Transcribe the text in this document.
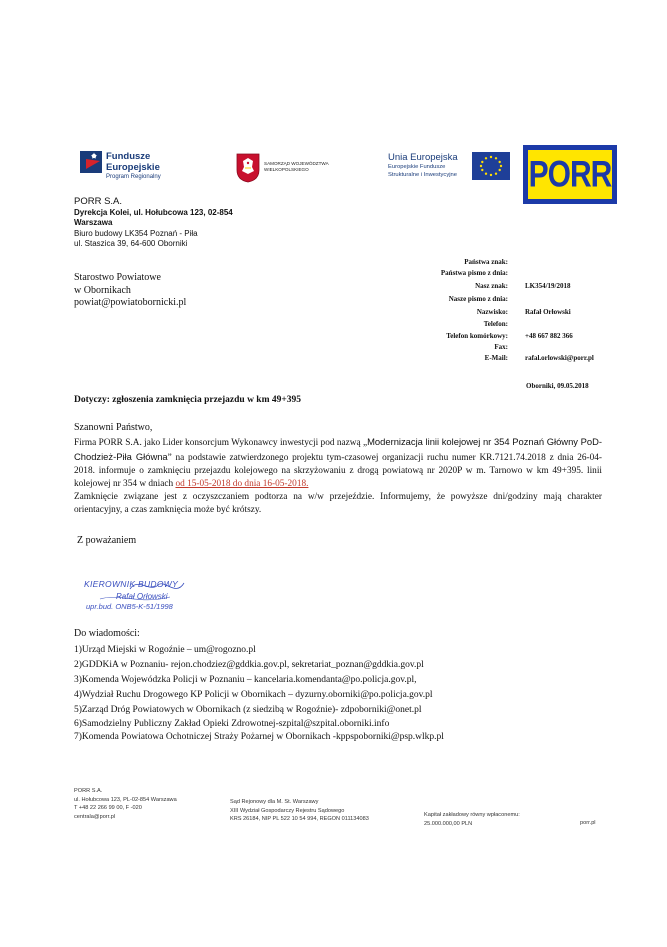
Fundusze
Europejskie
Program Regionalny
SAMORZĄD WOJEWÓDZTWA
WIELKOPOLSKIEGO
Unia Europejska
Europejskie Fundusze
Strukturalne i Inwestycyjne PORR
PORR S.A.
Dyrekcja Kolei, ul. Hołubcowa 123, 02-854
Warszawa
Biuro budowy LK354 Poznań - Piła
ul. Staszica 39, 64-600 Oborniki
Starostwo Powiatowe
w Obornikach
powiat@powiatobornicki.pl
Państwa znak:
Państwa pismo z dnia:
Nasz znak: LK354/19/2018
Nasze pismo z dnia:
Nazwisko: Rafał Orłowski
Telefon:
Telefon komórkowy: +48 667 882 366
Fax:
E-Mail: rafal.orlowski@porr.pl
Oborniki, 09.05.2018
Dotyczy: zgłoszenia zamknięcia przejazdu w km 49+395
Szanowni Państwo,
Firma PORR S.A. jako Lider konsorcjum Wykonawcy inwestycji pod nazwą „Modernizacja linii kolejowej nr 354 Poznań Główny PoD- Chodzież-Piła Główna” na podstawie zatwierdzonego projektu tym-czasowej organizacji ruchu numer KR.7121.74.2018 z dnia 26-04-2018. informuje o zamknięciu przejazdu kolejowego na skrzyżowaniu z drogą powiatową nr 2020P w m. Tarnowo w km 49+395. linii kolejowej nr 354 w dniach od 15-05-2018 do dnia 16-05-2018.
Zamknięcie związane jest z oczyszczaniem podtorza na w/w przejeździe. Informujemy, że powyższe dni/godziny mają charakter orientacyjny, a czas zamknięcia może być krótszy.
Z poważaniem
KIEROWNIK BUDOWY
Rafał Orłowski
upr.bud. ONB5-K-51/1998
Do wiadomości:
1)Urząd Miejski w Rogoźnie – um@rogozno.pl
2)GDDKiA w Poznaniu- rejon.chodziez@gddkia.gov.pl, sekretariat_poznan@gddkia.gov.pl
3)Komenda Wojewódzka Policji w Poznaniu – kancelaria.komendanta@po.policja.gov.pl,
4)Wydział Ruchu Drogowego KP Policji w Obornikach – dyzurny.oborniki@po.policja.gov.pl
5)Zarząd Dróg Powiatowych w Obornikach (z siedzibą w Rogoźnie)- zdpoborniki@onet.pl
6)Samodzielny Publiczny Zakład Opieki Zdrowotnej-szpital@szpital.oborniki.info
7)Komenda Powiatowa Ochotniczej Straży Pożarnej w Obornikach -kppspoborniki@psp.wlkp.pl
PORR S.A.
ul. Hołubcowa 123, PL-02-854 Warszawa
T +48 22 266 99 00, F -020
centrala@porr.pl
Sąd Rejonowy dla M. St. Warszawy
XIII Wydział Gospodarczy Rejestru Sądowego
KRS 26184, NIP PL 522 10 54 994, REGON 011134083
Kapitał zakładowy równy wpłaconemu:
25.000.000,00 PLN	porr.pl
